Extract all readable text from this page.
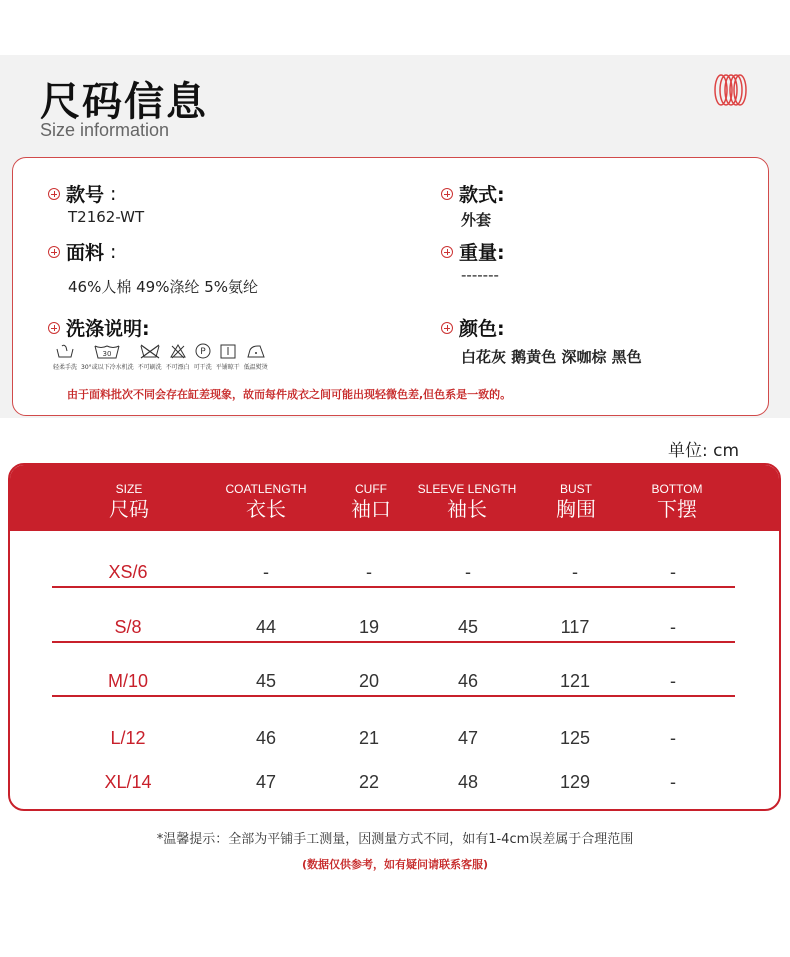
尺码信息
Size information
款号 :
T2162-WT
款式:
外套
面料 :
46%人棉 49%涤纶 5%氨纶
重量:
-------
洗涤说明:	颜色:
白花灰 鹅黄色 深咖棕 黑色
轻柔手洗
30
30°或以下冷水机洗 不可刷洗 不可漂白
P
可干洗 平铺晾干 低温熨烫
由于面料批次不同会存在缸差现象，故而每件成衣之间可能出现轻微色差,但色系是一致的。
单位: cm
SIZE
尺码
COATLENGTH
衣长
CUFF
袖口
SLEEVE LENGTH
袖长
BUST
胸围
BOTTOM
下摆
XS/6	-	-	-	-	-
S/8	44	19	45	117	-
M/10	45	20	46	121	-
L/12	46	21	47	125	-
XL/14	47	22	48	129	-
*温馨提示：全部为平铺手工测量，因测量方式不同，如有1-4cm误差属于合理范围
(数据仅供参考，如有疑问请联系客服)
